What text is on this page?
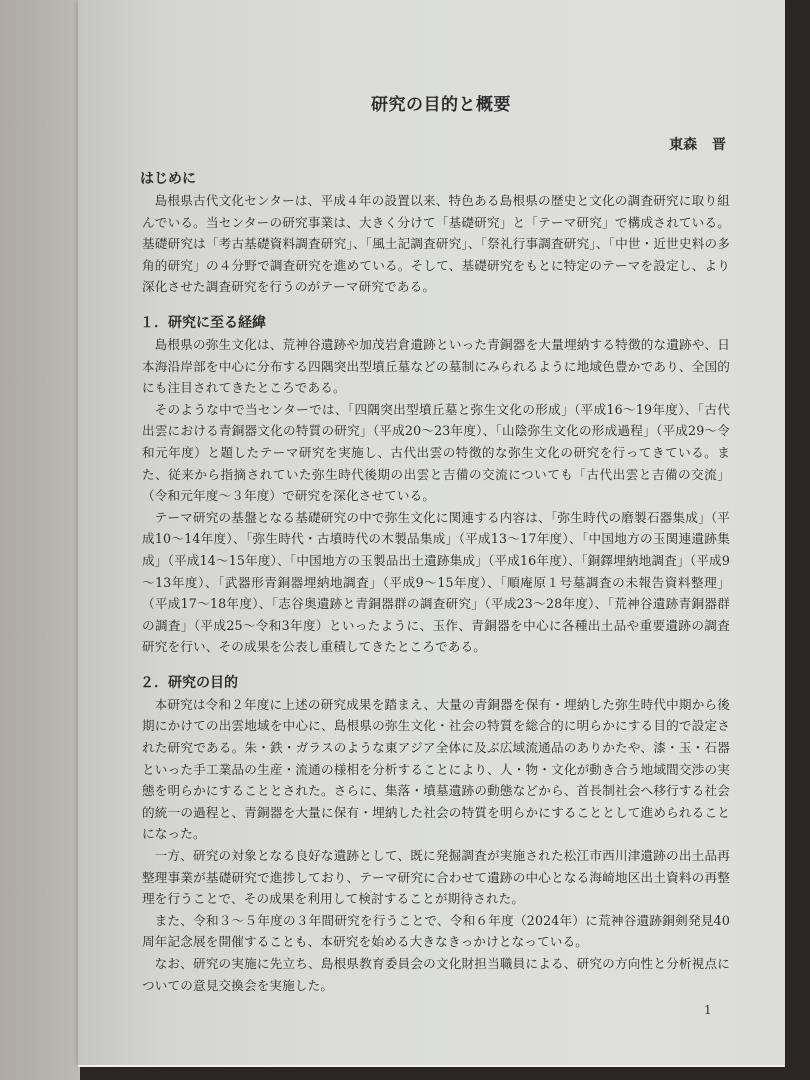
研究の目的と概要
東森 晋
はじめに

島根県古代文化センターは、平成４年の設置以来、特色ある島根県の歴史と文化の調査研究に取り組んでいる。当センターの研究事業は、大きく分けて「基礎研究」と「テーマ研究」で構成されている。基礎研究は「考古基礎資料調査研究」、「風土記調査研究」、「祭礼行事調査研究」、「中世・近世史料の多角的研究」の４分野で調査研究を進めている。そして、基礎研究をもとに特定のテーマを設定し、より深化させた調査研究を行うのがテーマ研究である。

１．研究に至る経緯

島根県の弥生文化は、荒神谷遺跡や加茂岩倉遺跡といった青銅器を大量埋納する特徴的な遺跡や、日本海沿岸部を中心に分布する四隅突出型墳丘墓などの墓制にみられるように地域色豊かであり、全国的にも注目されてきたところである。

そのような中で当センターでは、「四隅突出型墳丘墓と弥生文化の形成」（平成16～19年度）、「古代出雲における青銅器文化の特質の研究」（平成20～23年度）、「山陰弥生文化の形成過程」（平成29～令和元年度）と題したテーマ研究を実施し、古代出雲の特徴的な弥生文化の研究を行ってきている。また、従来から指摘されていた弥生時代後期の出雲と吉備の交流についても「古代出雲と吉備の交流」（令和元年度～３年度）で研究を深化させている。

テーマ研究の基盤となる基礎研究の中で弥生文化に関連する内容は、「弥生時代の磨製石器集成」（平成10～14年度）、「弥生時代・古墳時代の木製品集成」（平成13～17年度）、「中国地方の玉関連遺跡集成」（平成14～15年度）、「中国地方の玉製品出土遺跡集成」（平成16年度）、「銅鐸埋納地調査」（平成9～13年度）、「武器形青銅器埋納地調査」（平成9～15年度）、「順庵原１号墓調査の未報告資料整理」（平成17～18年度）、「志谷奥遺跡と青銅器群の調査研究」（平成23～28年度）、「荒神谷遺跡青銅器群の調査」（平成25～令和3年度）といったように、玉作、青銅器を中心に各種出土品や重要遺跡の調査研究を行い、その成果を公表し重積してきたところである。

２．研究の目的

本研究は令和２年度に上述の研究成果を踏まえ、大量の青銅器を保有・埋納した弥生時代中期から後期にかけての出雲地域を中心に、島根県の弥生文化・社会の特質を総合的に明らかにする目的で設定された研究である。朱・鉄・ガラスのような東アジア全体に及ぶ広域流通品のありかたや、漆・玉・石器といった手工業品の生産・流通の様相を分析することにより、人・物・文化が動き合う地域間交渉の実態を明らかにすることとされた。さらに、集落・墳墓遺跡の動態などから、首長制社会へ移行する社会的統一の過程と、青銅器を大量に保有・埋納した社会の特質を明らかにすることとして進められることになった。

一方、研究の対象となる良好な遺跡として、既に発掘調査が実施された松江市西川津遺跡の出土品再整理事業が基礎研究で進捗しており、テーマ研究に合わせて遺跡の中心となる海崎地区出土資料の再整理を行うことで、その成果を利用して検討することが期待された。

また、令和３～５年度の３年間研究を行うことで、令和６年度（2024年）に荒神谷遺跡銅剣発見40周年記念展を開催することも、本研究を始める大きなきっかけとなっている。

なお、研究の実施に先立ち、島根県教育委員会の文化財担当職員による、研究の方向性と分析視点についての意見交換会を実施した。

1
